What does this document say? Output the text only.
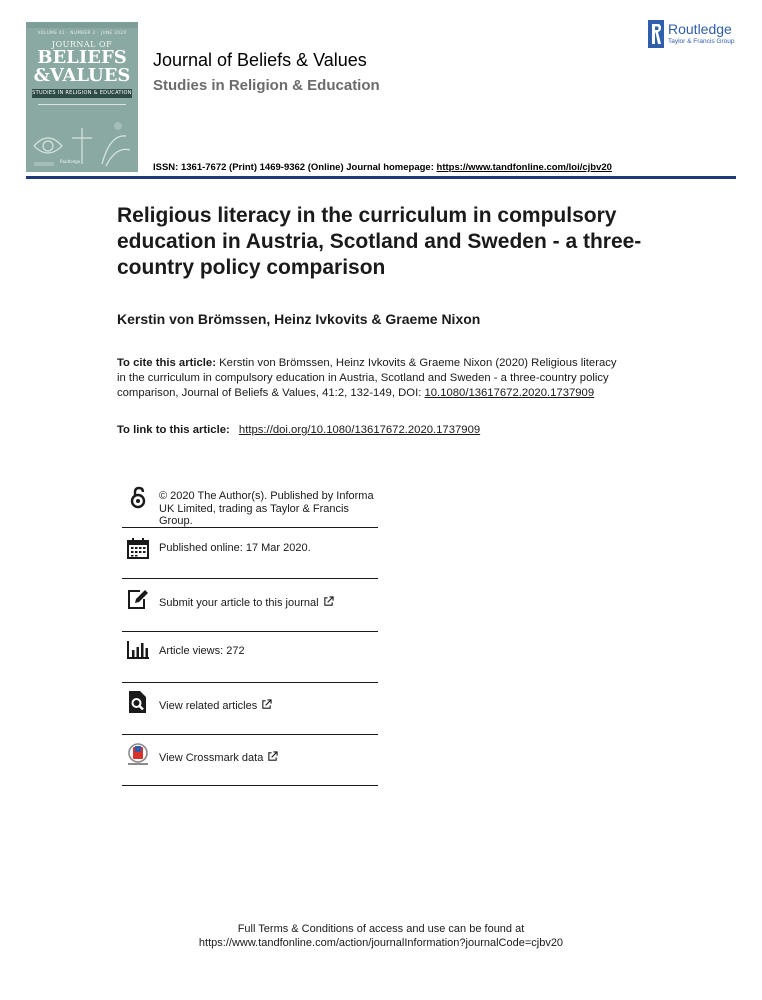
VOLUME 41 · NUMBER 2 · JUNE 2020
JOURNAL OF
BELIEFS
&VALUES
STUDIES IN RELIGION & EDUCATION
Routledge
Journal of Beliefs & Values
Studies in Religion & Education
Routledge
Taylor & Francis Group
ISSN: 1361-7672 (Print) 1469-9362 (Online) Journal homepage: https://www.tandfonline.com/loi/cjbv20
Religious literacy in the curriculum in compulsory education in Austria, Scotland and Sweden - a three-country policy comparison
Kerstin von Brömssen, Heinz Ivkovits & Graeme Nixon
To cite this article: Kerstin von Brömssen, Heinz Ivkovits & Graeme Nixon (2020) Religious literacy in the curriculum in compulsory education in Austria, Scotland and Sweden - a three-country policy comparison, Journal of Beliefs & Values, 41:2, 132-149, DOI: 10.1080/13617672.2020.1737909
To link to this article: https://doi.org/10.1080/13617672.2020.1737909
© 2020 The Author(s). Published by Informa UK Limited, trading as Taylor & Francis Group.
Published online: 17 Mar 2020.
Submit your article to this journal
Article views: 272
View related articles
View Crossmark data
Full Terms & Conditions of access and use can be found at
https://www.tandfonline.com/action/journalInformation?journalCode=cjbv20
